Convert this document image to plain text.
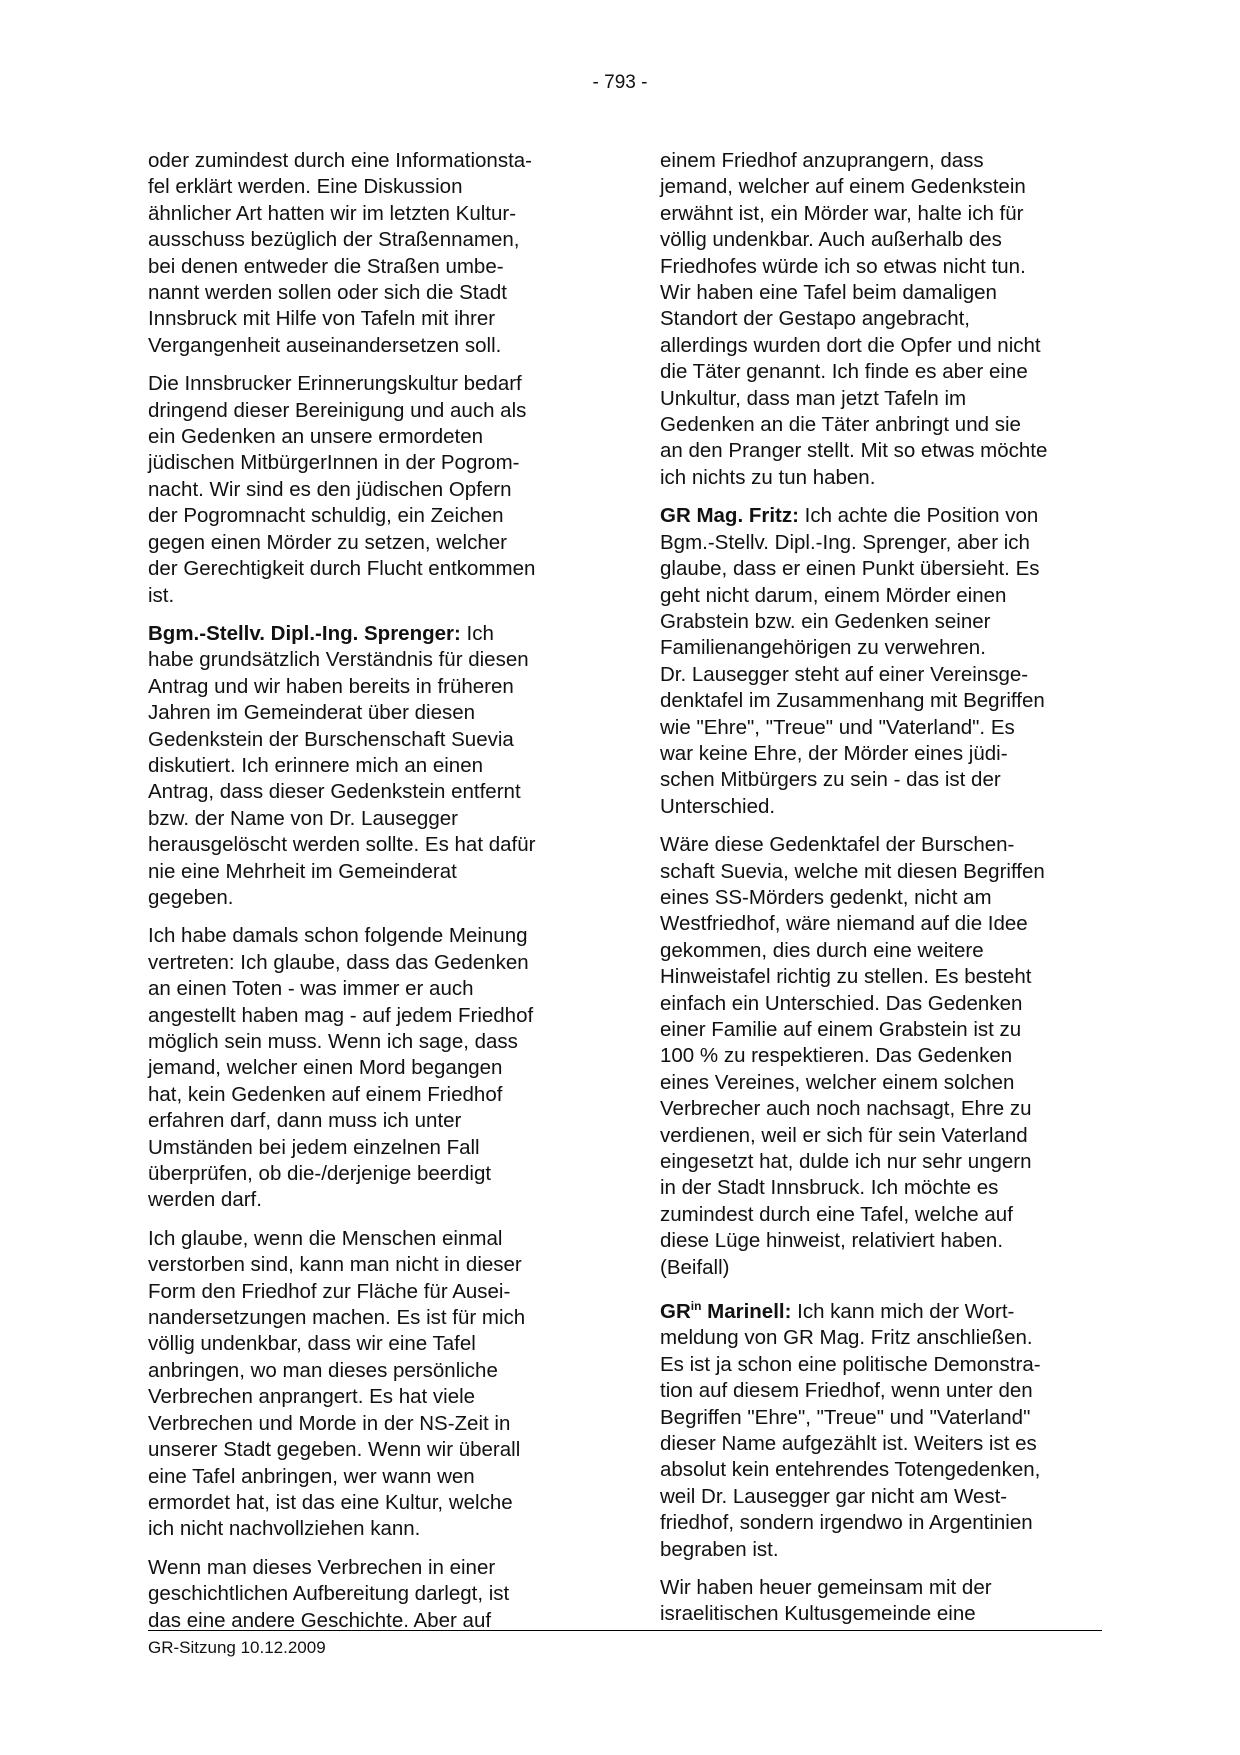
- 793 -

oder zumindest durch eine Informationsta-
fel erklärt werden. Eine Diskussion
ähnlicher Art hatten wir im letzten Kultur-
ausschuss bezüglich der Straßennamen,
bei denen entweder die Straßen umbe-
nannt werden sollen oder sich die Stadt
Innsbruck mit Hilfe von Tafeln mit ihrer
Vergangenheit auseinandersetzen soll.

Die Innsbrucker Erinnerungskultur bedarf
dringend dieser Bereinigung und auch als
ein Gedenken an unsere ermordeten
jüdischen MitbürgerInnen in der Pogrom-
nacht. Wir sind es den jüdischen Opfern
der Pogromnacht schuldig, ein Zeichen
gegen einen Mörder zu setzen, welcher
der Gerechtigkeit durch Flucht entkommen
ist.

Bgm.-Stellv. Dipl.-Ing. Sprenger: Ich
habe grundsätzlich Verständnis für diesen
Antrag und wir haben bereits in früheren
Jahren im Gemeinderat über diesen
Gedenkstein der Burschenschaft Suevia
diskutiert. Ich erinnere mich an einen
Antrag, dass dieser Gedenkstein entfernt
bzw. der Name von Dr. Lausegger
herausgelöscht werden sollte. Es hat dafür
nie eine Mehrheit im Gemeinderat
gegeben.

Ich habe damals schon folgende Meinung
vertreten: Ich glaube, dass das Gedenken
an einen Toten - was immer er auch
angestellt haben mag - auf jedem Friedhof
möglich sein muss. Wenn ich sage, dass
jemand, welcher einen Mord begangen
hat, kein Gedenken auf einem Friedhof
erfahren darf, dann muss ich unter
Umständen bei jedem einzelnen Fall
überprüfen, ob die-/derjenige beerdigt
werden darf.

Ich glaube, wenn die Menschen einmal
verstorben sind, kann man nicht in dieser
Form den Friedhof zur Fläche für Ausei-
nandersetzungen machen. Es ist für mich
völlig undenkbar, dass wir eine Tafel
anbringen, wo man dieses persönliche
Verbrechen anprangert. Es hat viele
Verbrechen und Morde in der NS-Zeit in
unserer Stadt gegeben. Wenn wir überall
eine Tafel anbringen, wer wann wen
ermordet hat, ist das eine Kultur, welche
ich nicht nachvollziehen kann.

Wenn man dieses Verbrechen in einer
geschichtlichen Aufbereitung darlegt, ist
das eine andere Geschichte. Aber auf

einem Friedhof anzuprangern, dass
jemand, welcher auf einem Gedenkstein
erwähnt ist, ein Mörder war, halte ich für
völlig undenkbar. Auch außerhalb des
Friedhofes würde ich so etwas nicht tun.
Wir haben eine Tafel beim damaligen
Standort der Gestapo angebracht,
allerdings wurden dort die Opfer und nicht
die Täter genannt. Ich finde es aber eine
Unkultur, dass man jetzt Tafeln im
Gedenken an die Täter anbringt und sie
an den Pranger stellt. Mit so etwas möchte
ich nichts zu tun haben.

GR Mag. Fritz: Ich achte die Position von
Bgm.-Stellv. Dipl.-Ing. Sprenger, aber ich
glaube, dass er einen Punkt übersieht. Es
geht nicht darum, einem Mörder einen
Grabstein bzw. ein Gedenken seiner
Familienangehörigen zu verwehren.
Dr. Lausegger steht auf einer Vereinsge-
denktafel im Zusammenhang mit Begriffen
wie "Ehre", "Treue" und "Vaterland". Es
war keine Ehre, der Mörder eines jüdi-
schen Mitbürgers zu sein - das ist der
Unterschied.

Wäre diese Gedenktafel der Burschen-
schaft Suevia, welche mit diesen Begriffen
eines SS-Mörders gedenkt, nicht am
Westfriedhof, wäre niemand auf die Idee
gekommen, dies durch eine weitere
Hinweistafel richtig zu stellen. Es besteht
einfach ein Unterschied. Das Gedenken
einer Familie auf einem Grabstein ist zu
100 % zu respektieren. Das Gedenken
eines Vereines, welcher einem solchen
Verbrecher auch noch nachsagt, Ehre zu
verdienen, weil er sich für sein Vaterland
eingesetzt hat, dulde ich nur sehr ungern
in der Stadt Innsbruck. Ich möchte es
zumindest durch eine Tafel, welche auf
diese Lüge hinweist, relativiert haben.
(Beifall)

$GR^{in}$ Marinell: Ich kann mich der Wort-
meldung von GR Mag. Fritz anschließen.
Es ist ja schon eine politische Demonstra-
tion auf diesem Friedhof, wenn unter den
Begriffen "Ehre", "Treue" und "Vaterland"
dieser Name aufgezählt ist. Weiters ist es
absolut kein entehrendes Totengedenken,
weil Dr. Lausegger gar nicht am West-
friedhof, sondern irgendwo in Argentinien
begraben ist.

Wir haben heuer gemeinsam mit der
israelitischen Kultusgemeinde eine

GR-Sitzung 10.12.2009
